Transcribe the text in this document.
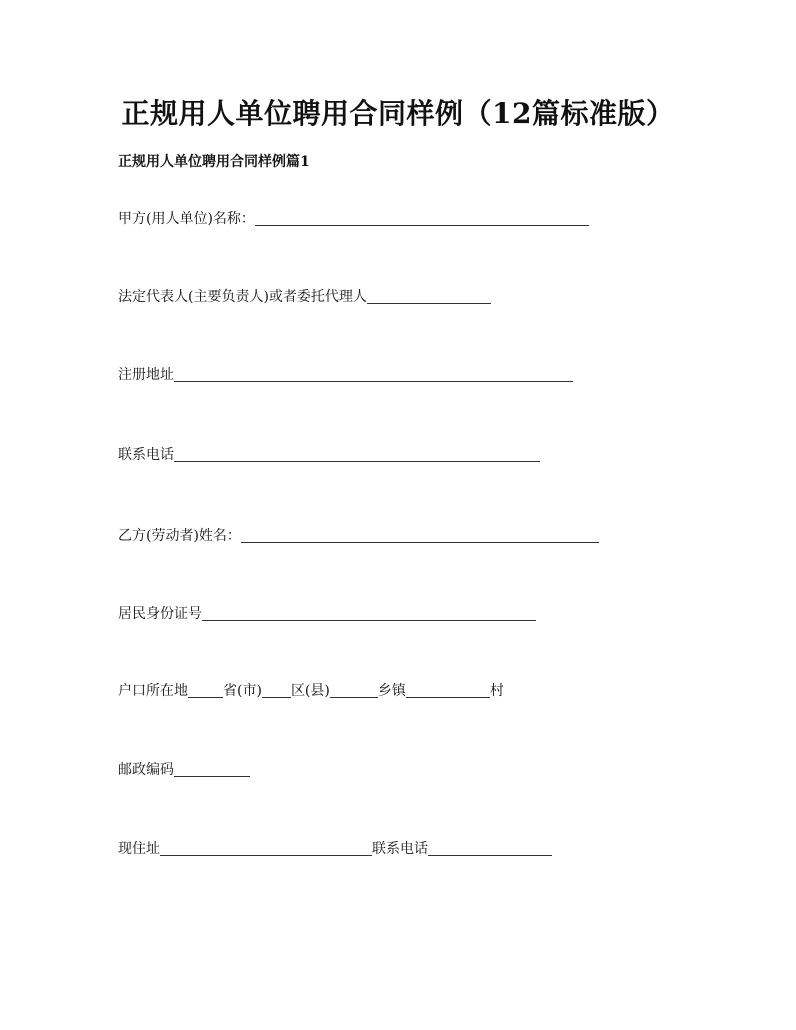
正规用人单位聘用合同样例（12篇标准版）
正规用人单位聘用合同样例篇1
甲方(用人单位)名称：
法定代表人(主要负责人)或者委托代理人
注册地址
联系电话
乙方(劳动者)姓名：
居民身份证号
户口所在地	省(市) 区(县)	乡镇	村
邮政编码
现住址	联系电话
